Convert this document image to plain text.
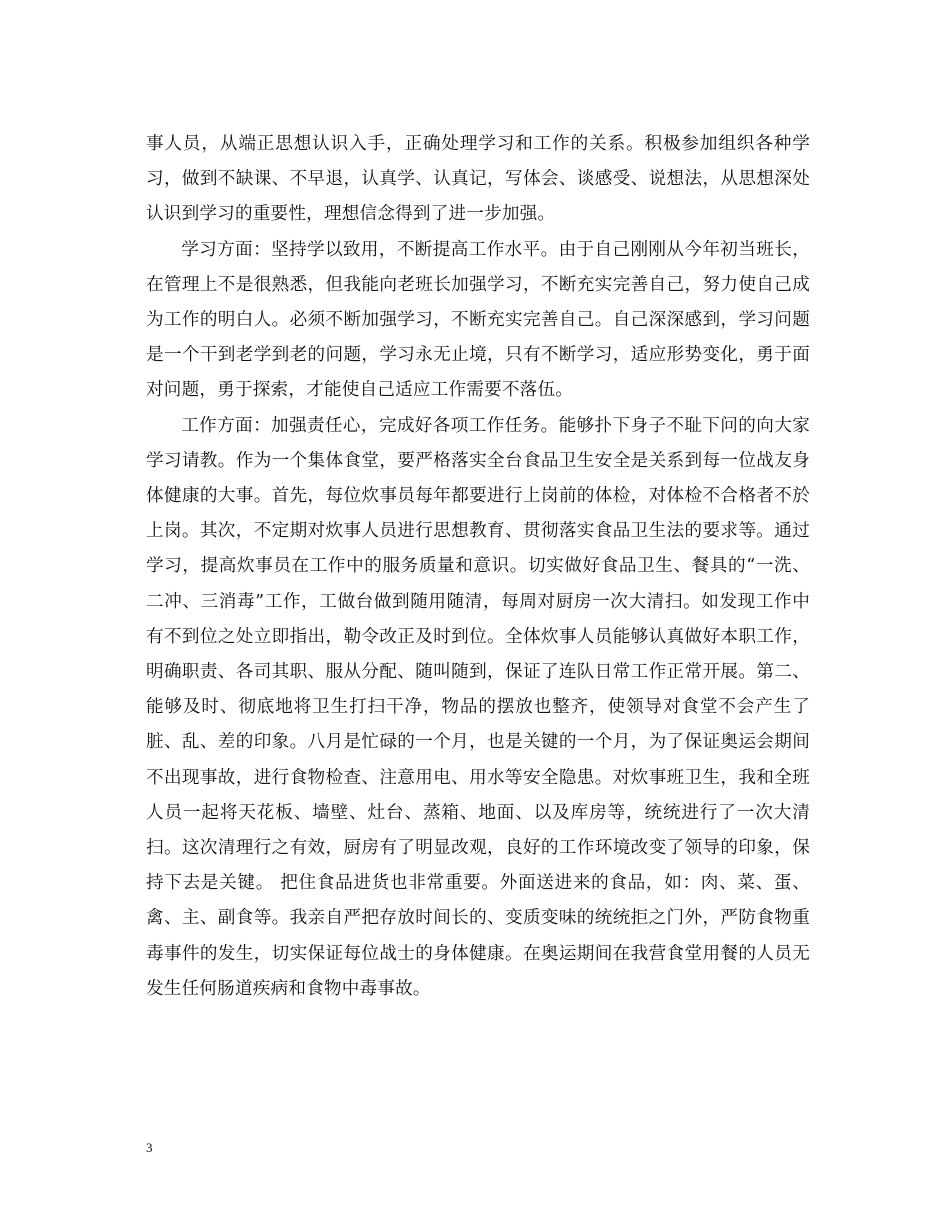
事人员，从端正思想认识入手，正确处理学习和工作的关系。积极参加组织各种学习，做到不缺课、不早退，认真学、认真记，写体会、谈感受、说想法，从思想深处认识到学习的重要性，理想信念得到了进一步加强。

学习方面：坚持学以致用，不断提高工作水平。由于自己刚刚从今年初当班长，在管理上不是很熟悉，但我能向老班长加强学习，不断充实完善自己，努力使自己成为工作的明白人。必须不断加强学习，不断充实完善自己。自己深深感到，学习问题是一个干到老学到老的问题，学习永无止境，只有不断学习，适应形势变化，勇于面对问题，勇于探索，才能使自己适应工作需要不落伍。

工作方面：加强责任心，完成好各项工作任务。能够扑下身子不耻下问的向大家学习请教。作为一个集体食堂，要严格落实全台食品卫生安全是关系到每一位战友身体健康的大事。首先，每位炊事员每年都要进行上岗前的体检，对体检不合格者不於上岗。其次，不定期对炊事人员进行思想教育、贯彻落实食品卫生法的要求等。通过学习，提高炊事员在工作中的服务质量和意识。切实做好食品卫生、餐具的“一洗、二冲、三消毒”工作，工做台做到随用随清，每周对厨房一次大清扫。如发现工作中有不到位之处立即指出，勒令改正及时到位。全体炊事人员能够认真做好本职工作，明确职责、各司其职、服从分配、随叫随到，保证了连队日常工作正常开展。第二、能够及时、彻底地将卫生打扫干净，物品的摆放也整齐，使领导对食堂不会产生了脏、乱、差的印象。八月是忙碌的一个月，也是关键的一个月，为了保证奥运会期间不出现事故，进行食物检查、注意用电、用水等安全隐患。对炊事班卫生，我和全班人员一起将天花板、墙壁、灶台、蒸箱、地面、以及库房等，统统进行了一次大清扫。这次清理行之有效，厨房有了明显改观，良好的工作环境改变了领导的印象，保持下去是关键。 把住食品进货也非常重要。外面送进来的食品，如：肉、菜、蛋、禽、主、副食等。我亲自严把存放时间长的、变质变味的统统拒之门外，严防食物重毒事件的发生，切实保证每位战士的身体健康。在奥运期间在我营食堂用餐的人员无发生任何肠道疾病和食物中毒事故。

3
